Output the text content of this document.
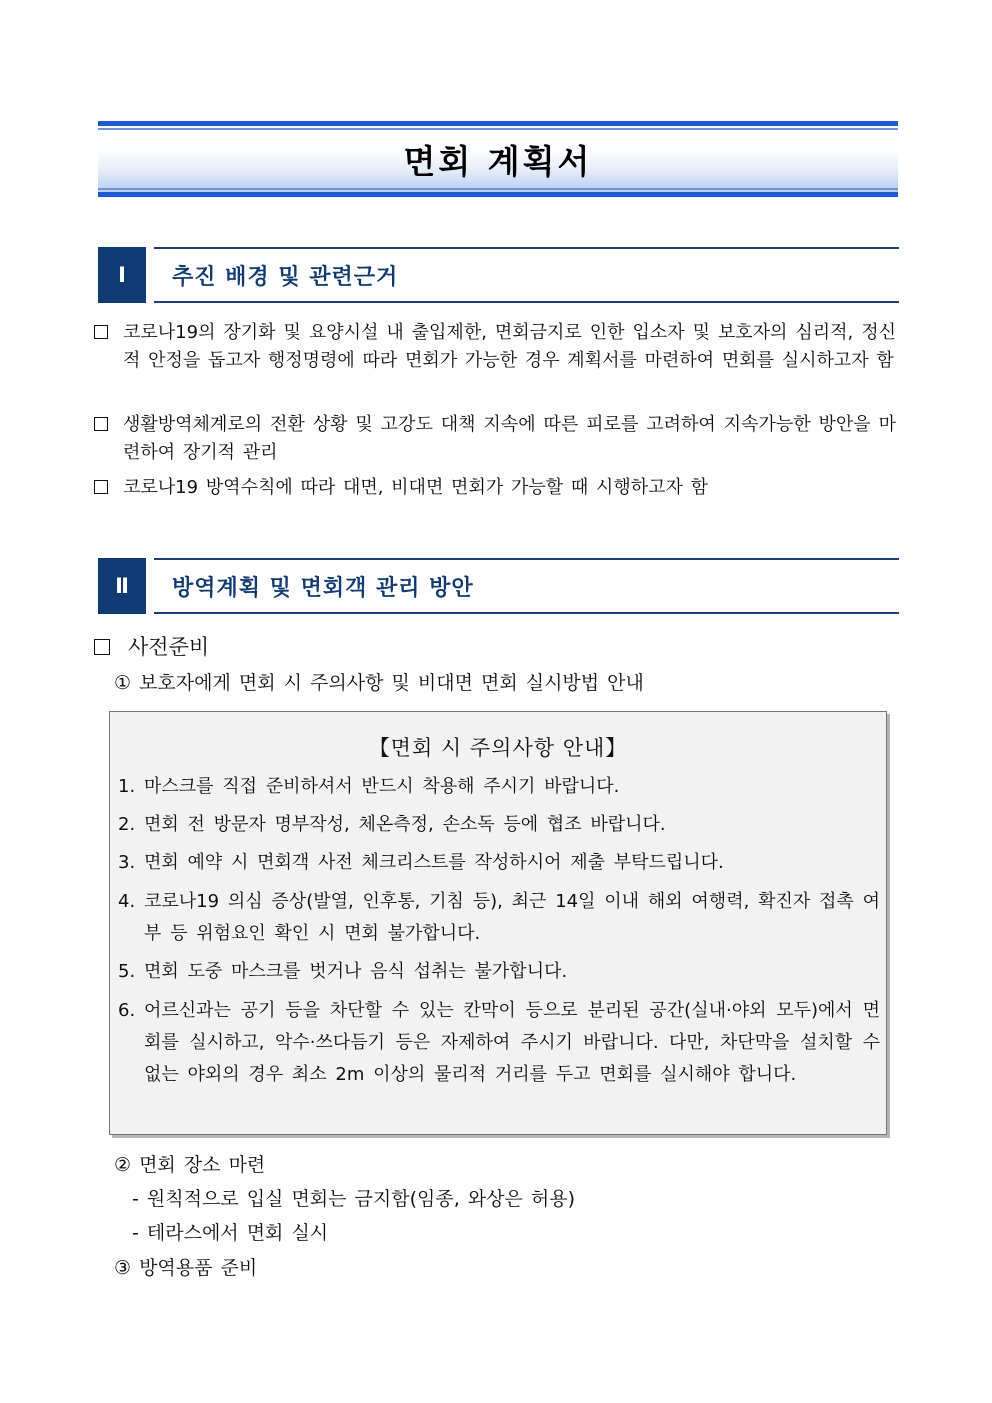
면회 계획서
Ⅰ	추진 배경 및 관련근거
코로나19의 장기화 및 요양시설 내 출입제한, 면회금지로 인한 입소자 및 보호자의 심리적, 정신적 안정을 돕고자 행정명령에 따라 면회가 가능한 경우 계획서를 마련하여 면회를 실시하고자 함
생활방역체계로의 전환 상황 및 고강도 대책 지속에 따른 피로를 고려하여 지속가능한 방안을 마련하여 장기적 관리
코로나19 방역수칙에 따라 대면, 비대면 면회가 가능할 때 시행하고자 함
Ⅱ	방역계획 및 면회객 관리 방안
사전준비
① 보호자에게 면회 시 주의사항 및 비대면 면회 실시방법 안내
【면회 시 주의사항 안내】
1. 마스크를 직접 준비하셔서 반드시 착용해 주시기 바랍니다.
2. 면회 전 방문자 명부작성, 체온측정, 손소독 등에 협조 바랍니다.
3. 면회 예약 시 면회객 사전 체크리스트를 작성하시어 제출 부탁드립니다.
4. 코로나19 의심 증상(발열, 인후통, 기침 등), 최근 14일 이내 해외 여행력, 확진자 접촉 여부 등 위험요인 확인 시 면회 불가합니다.
5. 면회 도중 마스크를 벗거나 음식 섭취는 불가합니다.
6. 어르신과는 공기 등을 차단할 수 있는 칸막이 등으로 분리된 공간(실내·야외 모두)에서 면회를 실시하고, 악수·쓰다듬기 등은 자제하여 주시기 바랍니다. 다만, 차단막을 설치할 수 없는 야외의 경우 최소 2m 이상의 물리적 거리를 두고 면회를 실시해야 합니다.
② 면회 장소 마련
- 원칙적으로 입실 면회는 금지함(임종, 와상은 허용)
- 테라스에서 면회 실시
③ 방역용품 준비
